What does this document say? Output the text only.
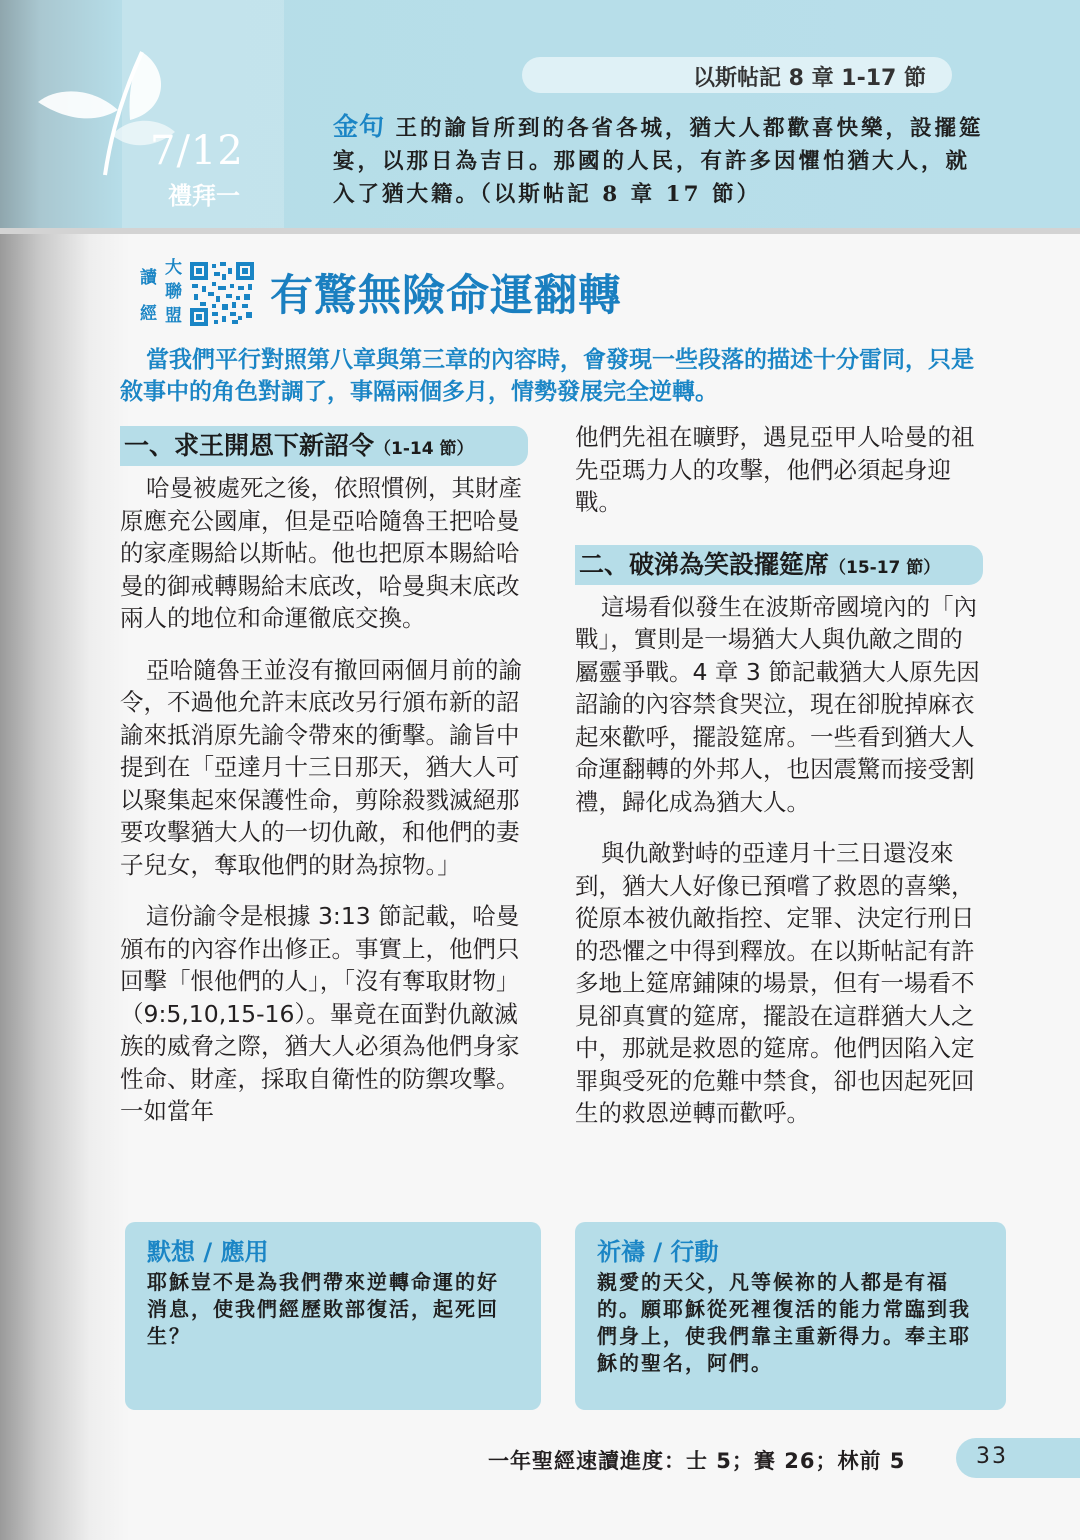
7/12
禮拜一
以斯帖記 8 章 1-17 節
金句 王的諭旨所到的各省各城，猶大人都歡喜快樂，設擺筵宴，以那日為吉日。那國的人民，有許多因懼怕猶大人，就入了猶大籍。（以斯帖記 8 章 17 節）
讀
經
大
聯
盟 有驚無險命運翻轉
當我們平行對照第八章與第三章的內容時，會發現一些段落的描述十分雷同，只是敘事中的角色對調了，事隔兩個多月，情勢發展完全逆轉。
一、求王開恩下新詔令（1-14 節）

哈曼被處死之後，依照慣例，其財產原應充公國庫，但是亞哈隨魯王把哈曼的家產賜給以斯帖。他也把原本賜給哈曼的御戒轉賜給末底改，哈曼與末底改兩人的地位和命運徹底交換。

亞哈隨魯王並沒有撤回兩個月前的諭令，不過他允許末底改另行頒布新的詔諭來抵消原先諭令帶來的衝擊。諭旨中提到在「亞達月十三日那天，猶大人可以聚集起來保護性命，剪除殺戮滅絕那要攻擊猶大人的一切仇敵，和他們的妻子兒女，奪取他們的財為掠物。」

這份諭令是根據 3:13 節記載，哈曼頒布的內容作出修正。事實上，他們只回擊「恨他們的人」，「沒有奪取財物」（9:5,10,15-16）。畢竟在面對仇敵滅族的威脅之際，猶大人必須為他們身家性命、財產，採取自衛性的防禦攻擊。一如當年

他們先祖在曠野，遇見亞甲人哈曼的祖先亞瑪力人的攻擊，他們必須起身迎戰。

二、破涕為笑設擺筵席（15-17 節）

這場看似發生在波斯帝國境內的「內戰」，實則是一場猶大人與仇敵之間的屬靈爭戰。4 章 3 節記載猶大人原先因詔諭的內容禁食哭泣，現在卻脫掉麻衣起來歡呼，擺設筵席。一些看到猶大人命運翻轉的外邦人，也因震驚而接受割禮，歸化成為猶大人。

與仇敵對峙的亞達月十三日還沒來到，猶大人好像已預嚐了救恩的喜樂，從原本被仇敵指控、定罪、決定行刑日的恐懼之中得到釋放。在以斯帖記有許多地上筵席鋪陳的場景，但有一場看不見卻真實的筵席，擺設在這群猶大人之中，那就是救恩的筵席。他們因陷入定罪與受死的危難中禁食，卻也因起死回生的救恩逆轉而歡呼。

默想 / 應用
耶穌豈不是為我們帶來逆轉命運的好消息，使我們經歷敗部復活，起死回生？
祈禱 / 行動
親愛的天父，凡等候祢的人都是有福的。願耶穌從死裡復活的能力常臨到我們身上，使我們靠主重新得力。奉主耶穌的聖名，阿們。
一年聖經速讀進度：士 5；賽 26；林前 5	33
